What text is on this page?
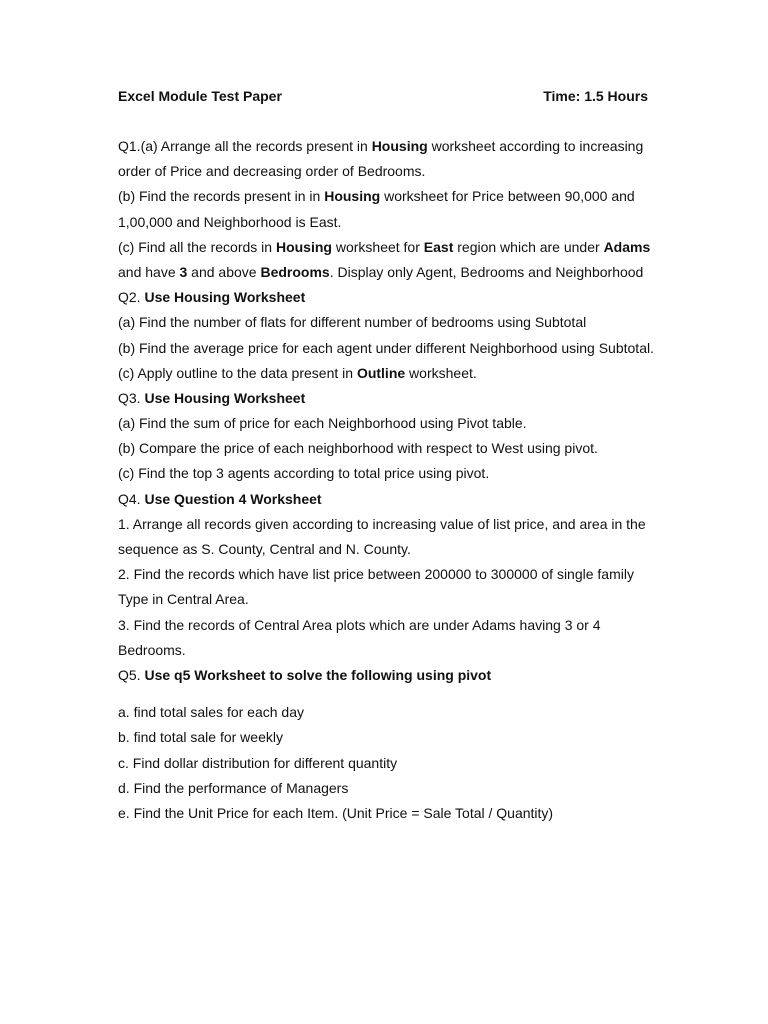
Excel Module Test Paper	Time: 1.5 Hours
Q1.(a) Arrange all the records present in Housing worksheet according to increasing
order of Price and decreasing order of Bedrooms.
(b) Find the records present in in Housing worksheet for Price between 90,000 and
1,00,000 and Neighborhood is East.
(c) Find all the records in Housing worksheet for East region which are under Adams
and have 3 and above Bedrooms. Display only Agent, Bedrooms and Neighborhood
Q2. Use Housing Worksheet
(a) Find the number of flats for different number of bedrooms using Subtotal
(b) Find the average price for each agent under different Neighborhood using Subtotal.
(c) Apply outline to the data present in Outline worksheet.
Q3. Use Housing Worksheet
(a) Find the sum of price for each Neighborhood using Pivot table.
(b) Compare the price of each neighborhood with respect to West using pivot.
(c) Find the top 3 agents according to total price using pivot.
Q4. Use Question 4 Worksheet
1. Arrange all records given according to increasing value of list price, and area in the
sequence as S. County, Central and N. County.
2. Find the records which have list price between 200000 to 300000 of single family
Type in Central Area.
3. Find the records of Central Area plots which are under Adams having 3 or 4
Bedrooms.
Q5. Use q5 Worksheet to solve the following using pivot
a. find total sales for each day
b. find total sale for weekly
c. Find dollar distribution for different quantity
d. Find the performance of Managers
e. Find the Unit Price for each Item. (Unit Price = Sale Total / Quantity)
